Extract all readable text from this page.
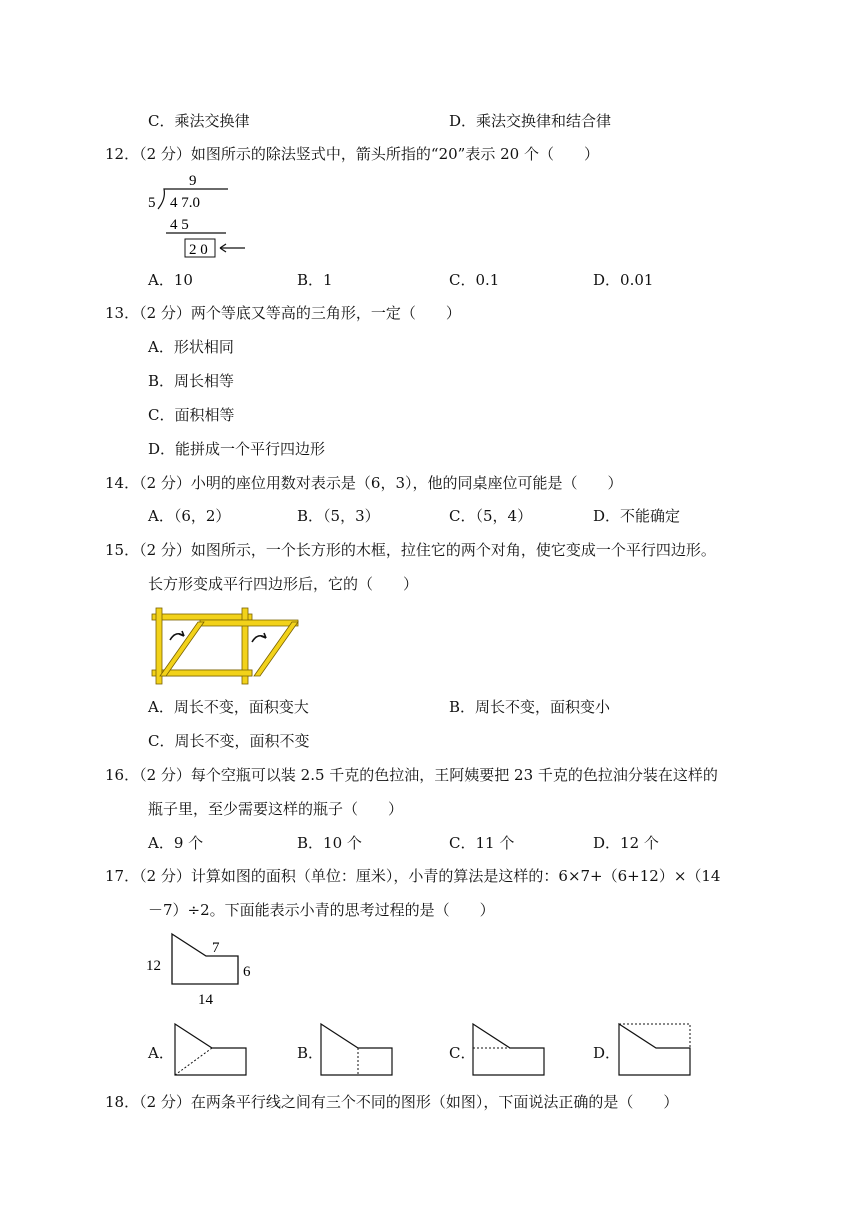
C．乘法交换律	D．乘法交换律和结合律
12．（2 分）如图所示的除法竖式中，箭头所指的“20”表示 20 个（　　）
9
5 4 7.0
4 5
2 0
A．10	B．1	C．0.1	D．0.01
13．（2 分）两个等底又等高的三角形，一定（　　）
A．形状相同
B．周长相等
C．面积相等
D．能拼成一个平行四边形
14．（2 分）小明的座位用数对表示是（6，3），他的同桌座位可能是（　　）
A．（6，2）	B．（5，3）	C．（5，4）	D．不能确定
15．（2 分）如图所示，一个长方形的木框，拉住它的两个对角，使它变成一个平行四边形。
长方形变成平行四边形后，它的（　　）
A．周长不变，面积变大	B．周长不变，面积变小
C．周长不变，面积不变
16．（2 分）每个空瓶可以装 2.5 千克的色拉油，王阿姨要把 23 千克的色拉油分装在这样的
瓶子里，至少需要这样的瓶子（　　）
A．9 个	B．10 个	C．11 个	D．12 个
17．（2 分）计算如图的面积（单位：厘米），小青的算法是这样的：6×7+（6+12）×（14
－7）÷2。下面能表示小青的思考过程的是（　　）
12
7
6
14
A．	B．	C．	D．
18．（2 分）在两条平行线之间有三个不同的图形（如图），下面说法正确的是（　　）
